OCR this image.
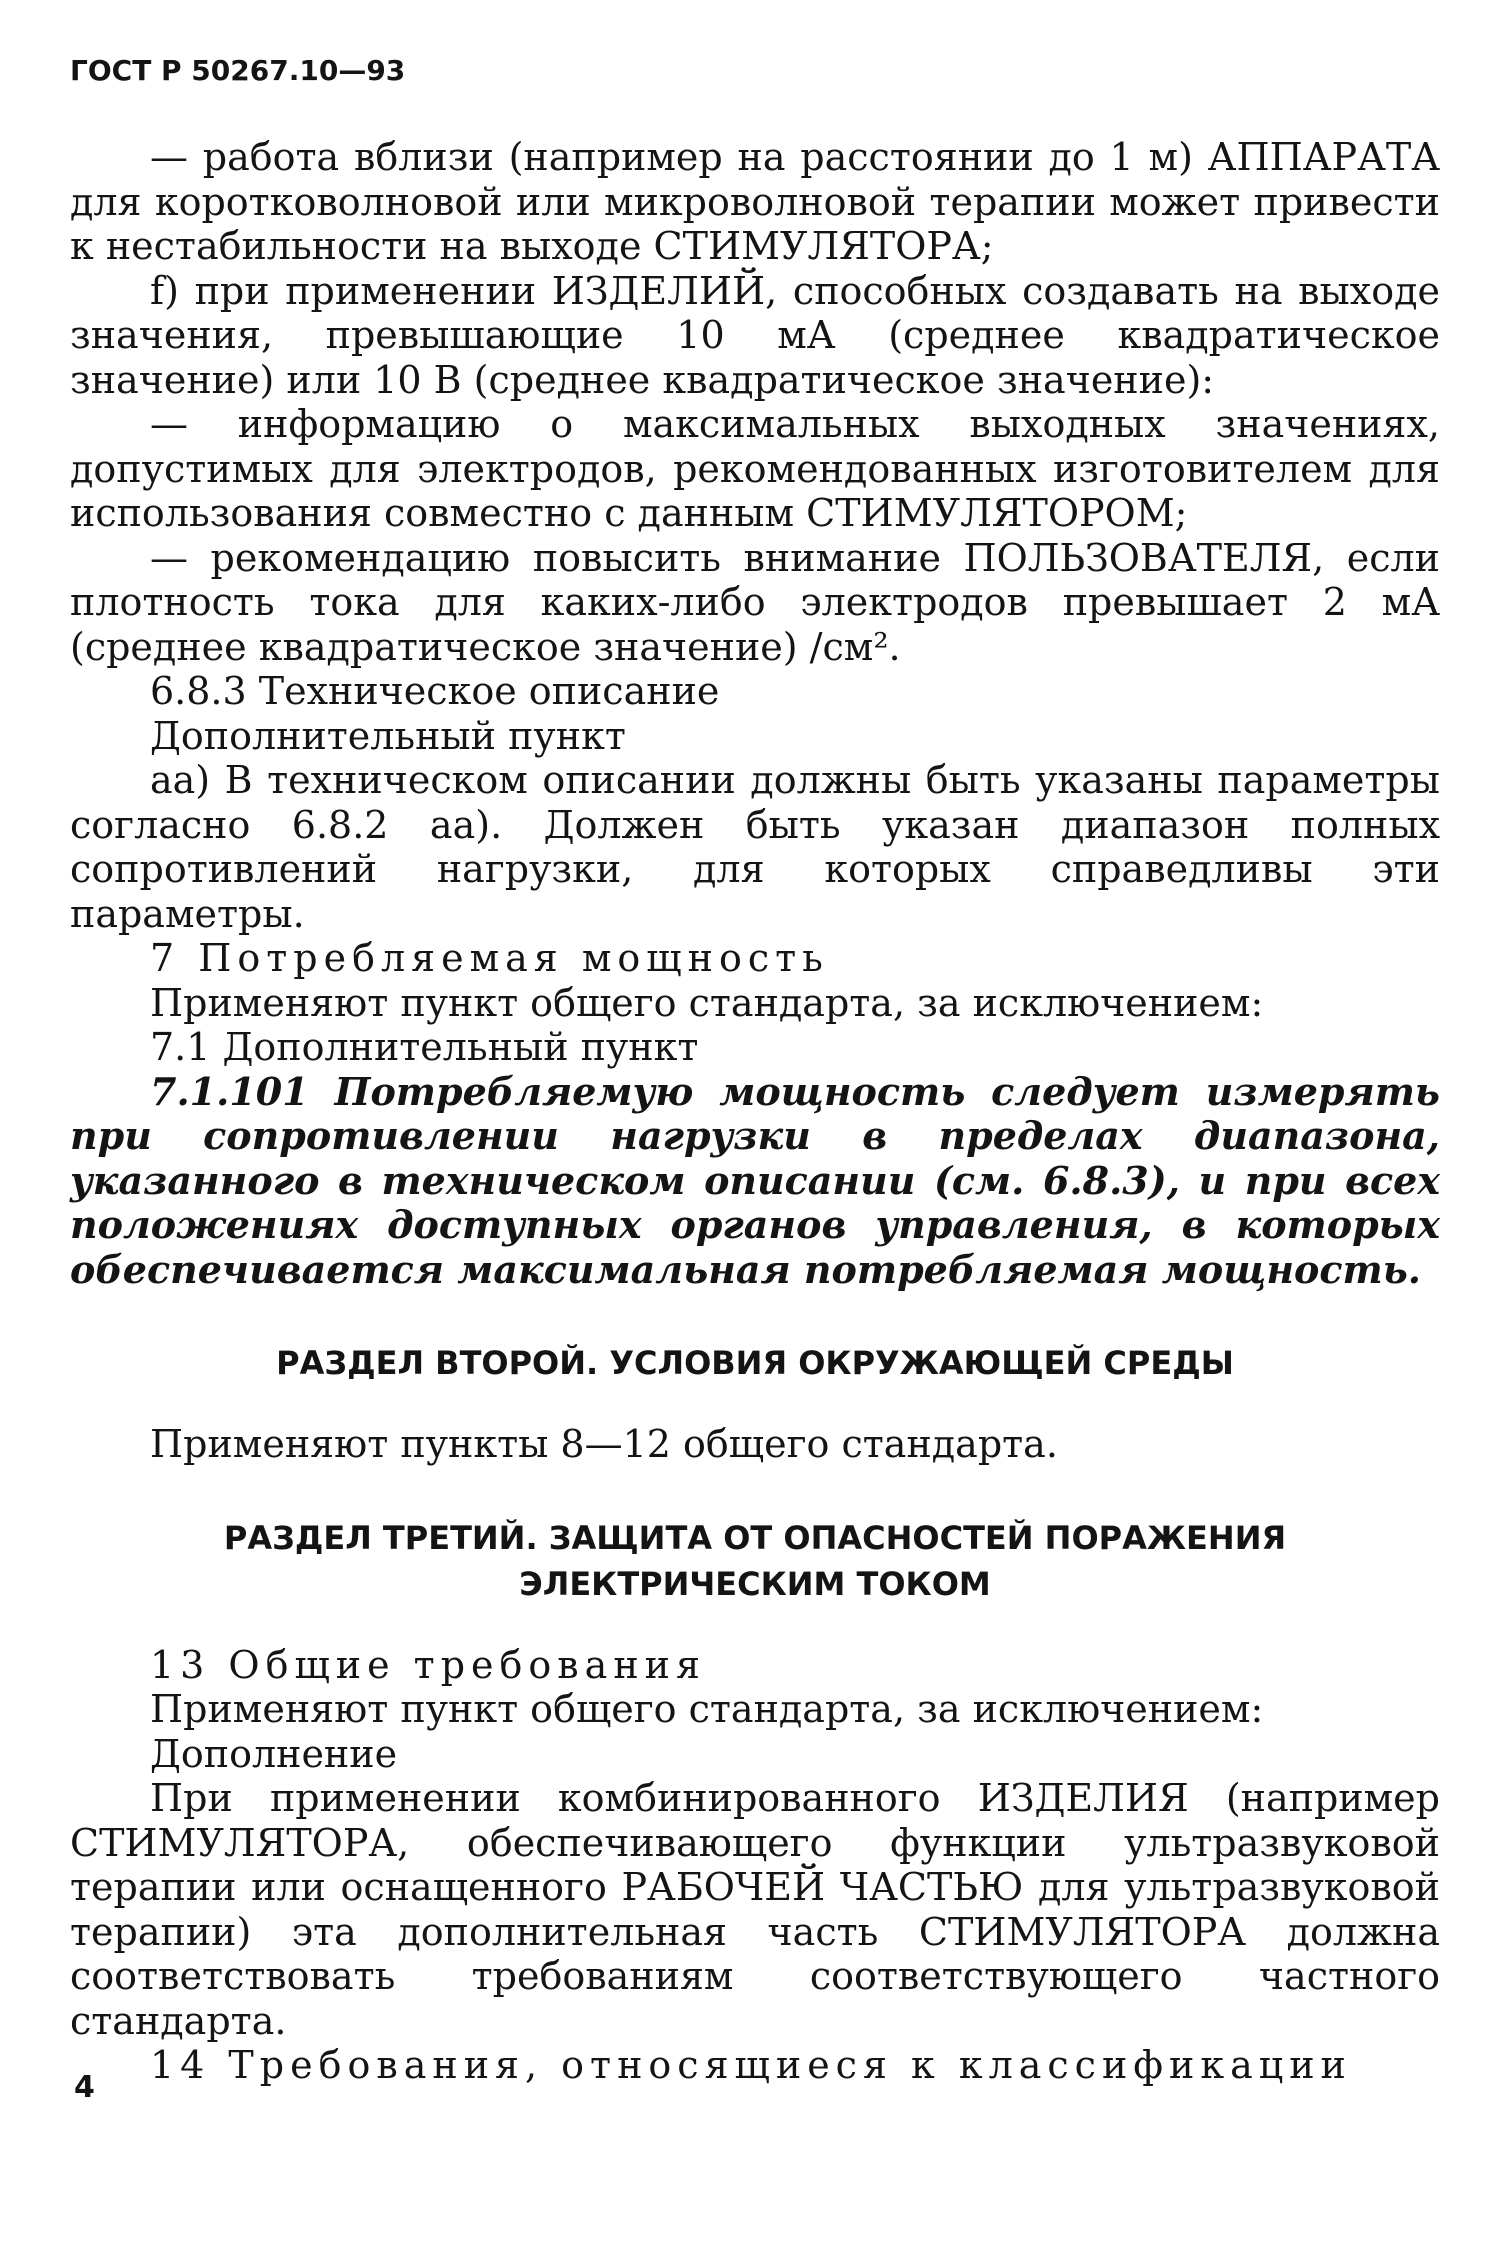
ГОСТ Р 50267.10—93

— работа вблизи (например на расстоянии до 1 м) АППАРАТА для коротковолновой или микроволновой терапии может привести к нестабильности на выходе СТИМУЛЯТОРА;

f) при применении ИЗДЕЛИЙ, способных создавать на выходе значения, превышающие 10 мА (среднее квадратическое значение) или 10 В (среднее квадратическое значение):

— информацию о максимальных выходных значениях, допустимых для электродов, рекомендованных изготовителем для использования совместно с данным СТИМУЛЯТОРОМ;

— рекомендацию повысить внимание ПОЛЬЗОВАТЕЛЯ, если плотность тока для каких-либо электродов превышает 2 мА (среднее квадратическое значение) /см².

6.8.3 Техническое описание

Дополнительный пункт

аа) В техническом описании должны быть указаны параметры согласно 6.8.2 аа). Должен быть указан диапазон полных сопротивлений нагрузки, для которых справедливы эти параметры.

7 Потребляемая мощность

Применяют пункт общего стандарта, за исключением:

7.1 Дополнительный пункт

7.1.101 Потребляемую мощность следует измерять при сопротивлении нагрузки в пределах диапазона, указанного в техническом описании (см. 6.8.3), и при всех положениях доступных органов управления, в которых обеспечивается максимальная потребляемая мощность.

РАЗДЕЛ ВТОРОЙ. УСЛОВИЯ ОКРУЖАЮЩЕЙ СРЕДЫ

Применяют пункты 8—12 общего стандарта.

РАЗДЕЛ ТРЕТИЙ. ЗАЩИТА ОТ ОПАСНОСТЕЙ ПОРАЖЕНИЯ

ЭЛЕКТРИЧЕСКИМ ТОКОМ

13 Общие требования

Применяют пункт общего стандарта, за исключением:

Дополнение

При применении комбинированного ИЗДЕЛИЯ (например СТИМУЛЯТОРА, обеспечивающего функции ультразвуковой терапии или оснащенного РАБОЧЕЙ ЧАСТЬЮ для ультразвуковой терапии) эта дополнительная часть СТИМУЛЯТОРА должна соответствовать требованиям соответствующего частного стандарта.

14 Требования, относящиеся к классификации

4
